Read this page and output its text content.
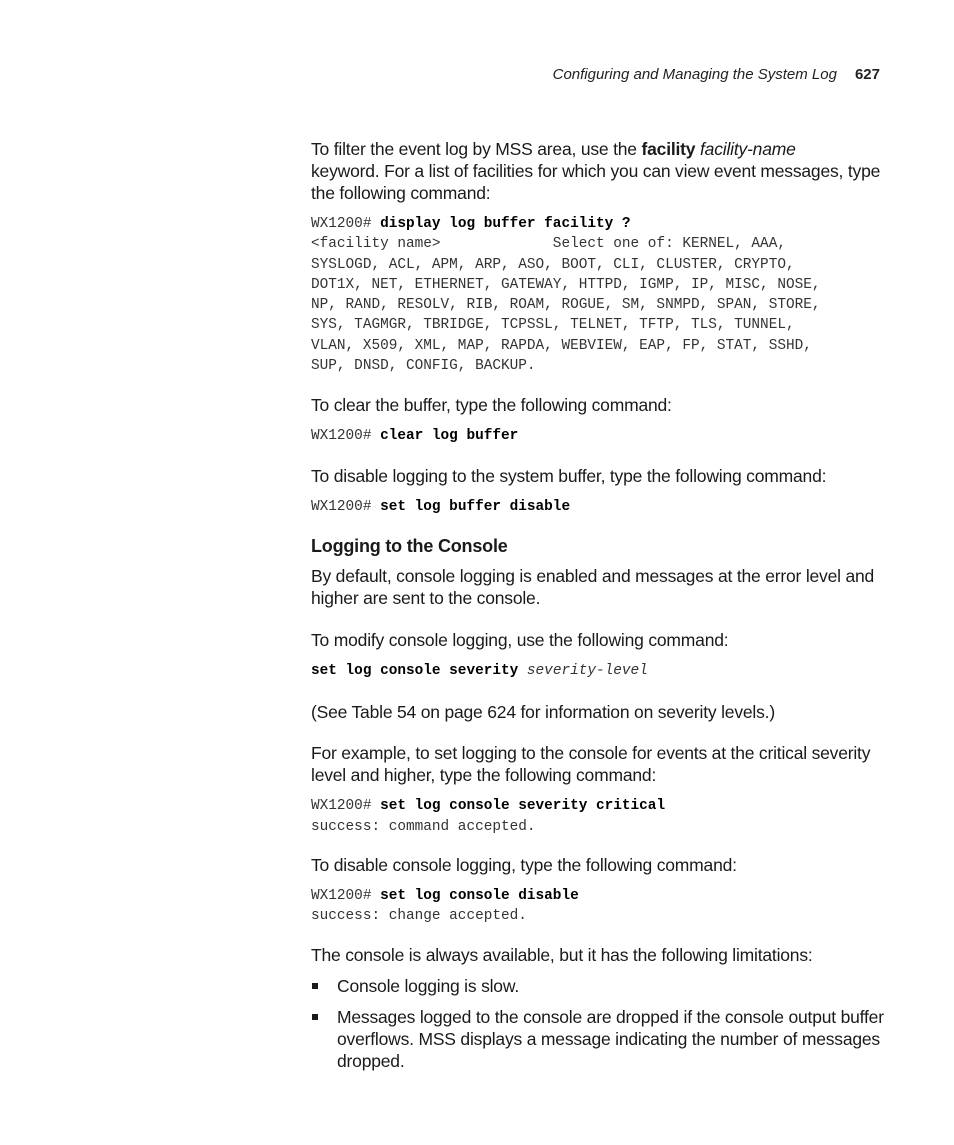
Configuring and Managing the System Log 627

To filter the event log by MSS area, use the facility facility-name
keyword. For a list of facilities for which you can view event messages, type the following command:

WX1200# display log buffer facility ?
<facility name>             Select one of: KERNEL, AAA,
SYSLOGD, ACL, APM, ARP, ASO, BOOT, CLI, CLUSTER, CRYPTO,
DOT1X, NET, ETHERNET, GATEWAY, HTTPD, IGMP, IP, MISC, NOSE,
NP, RAND, RESOLV, RIB, ROAM, ROGUE, SM, SNMPD, SPAN, STORE,
SYS, TAGMGR, TBRIDGE, TCPSSL, TELNET, TFTP, TLS, TUNNEL,
VLAN, X509, XML, MAP, RAPDA, WEBVIEW, EAP, FP, STAT, SSHD,
SUP, DNSD, CONFIG, BACKUP.

To clear the buffer, type the following command:

WX1200# clear log buffer

To disable logging to the system buffer, type the following command:

WX1200# set log buffer disable
Logging to the Console

By default, console logging is enabled and messages at the error level and higher are sent to the console.

To modify console logging, use the following command:

set log console severity severity-level

(See Table 54 on page 624 for information on severity levels.)

For example, to set logging to the console for events at the critical severity level and higher, type the following command:

WX1200# set log console severity critical
success: command accepted.

To disable console logging, type the following command:

WX1200# set log console disable
success: change accepted.

The console is always available, but it has the following limitations:

Console logging is slow.
Messages logged to the console are dropped if the console output buffer overflows. MSS displays a message indicating the number of messages dropped.
